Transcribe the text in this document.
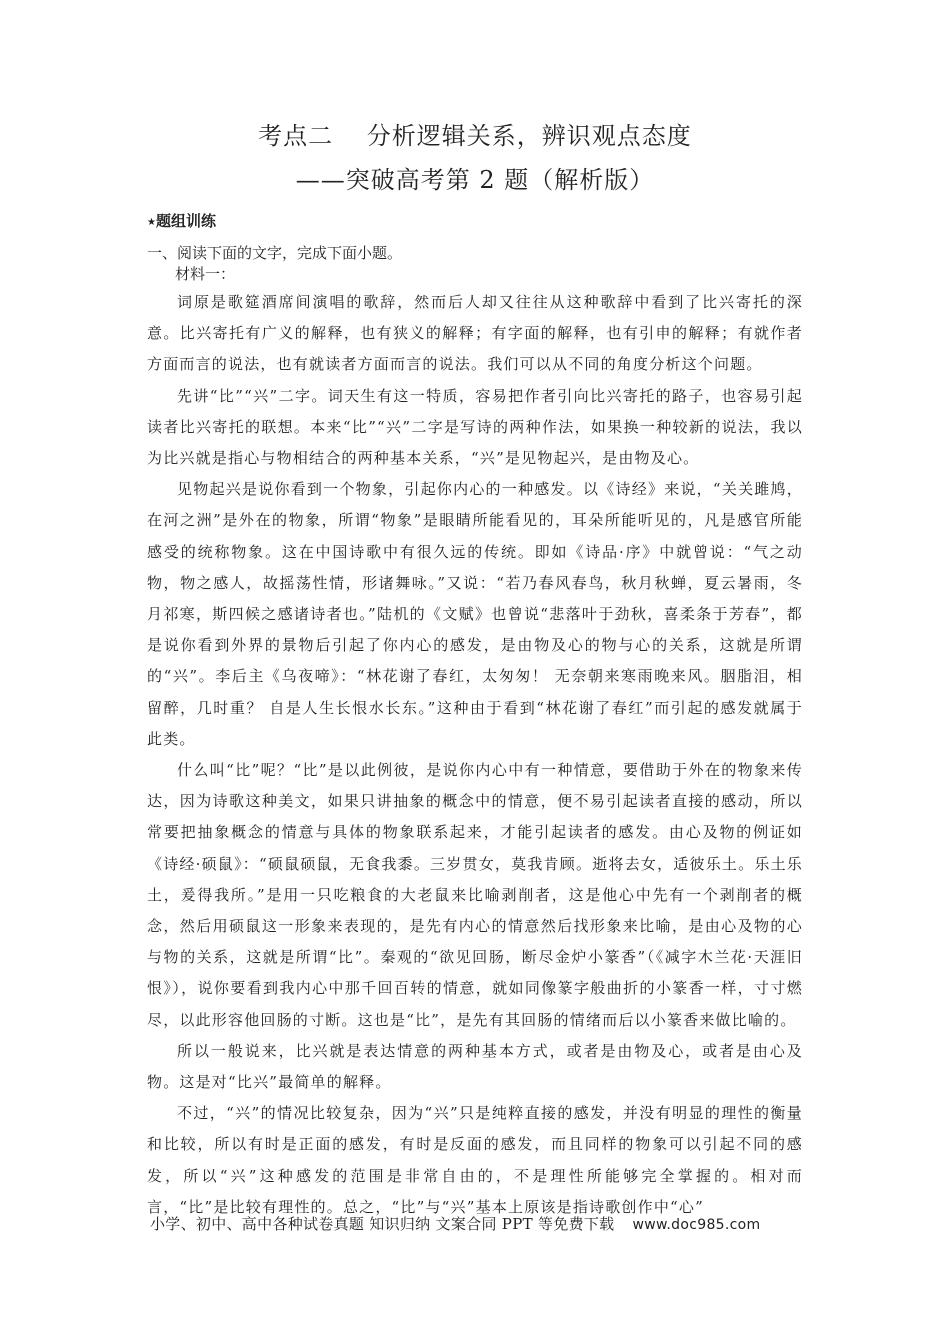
考点二　 分析逻辑关系，辨识观点态度
——突破高考第 2 题（解析版）
★题组训练
一、阅读下面的文字，完成下面小题。
材料一：

词原是歌筵酒席间演唱的歌辞，然而后人却又往往从这种歌辞中看到了比兴寄托的深意。比兴寄托有广义的解释，也有狭义的解释；有字面的解释，也有引申的解释；有就作者方面而言的说法，也有就读者方面而言的说法。我们可以从不同的角度分析这个问题。

先讲“比”“兴”二字。词天生有这一特质，容易把作者引向比兴寄托的路子，也容易引起读者比兴寄托的联想。本来“比”“兴”二字是写诗的两种作法，如果换一种较新的说法，我以为比兴就是指心与物相结合的两种基本关系，“兴”是见物起兴，是由物及心。

见物起兴是说你看到一个物象，引起你内心的一种感发。以《诗经》来说，“关关雎鸠，在河之洲”是外在的物象，所谓“物象”是眼睛所能看见的，耳朵所能听见的，凡是感官所能感受的统称物象。这在中国诗歌中有很久远的传统。即如《诗品·序》中就曾说：“气之动物，物之感人，故摇荡性情，形诸舞咏。”又说：“若乃春风春鸟，秋月秋蝉，夏云暑雨，冬月祁寒，斯四候之感诸诗者也。”陆机的《文赋》也曾说“悲落叶于劲秋，喜柔条于芳春”，都是说你看到外界的景物后引起了你内心的感发，是由物及心的物与心的关系，这就是所谓的“兴”。李后主《乌夜啼》：“林花谢了春红，太匆匆！ 无奈朝来寒雨晚来风。胭脂泪，相留醉，几时重？ 自是人生长恨水长东。”这种由于看到“林花谢了春红”而引起的感发就属于此类。

什么叫“比”呢？“比”是以此例彼，是说你内心中有一种情意，要借助于外在的物象来传达，因为诗歌这种美文，如果只讲抽象的概念中的情意，便不易引起读者直接的感动，所以常要把抽象概念的情意与具体的物象联系起来，才能引起读者的感发。由心及物的例证如《诗经·硕鼠》：“硕鼠硕鼠，无食我黍。三岁贯女，莫我肯顾。逝将去女，适彼乐土。乐土乐土，爰得我所。”是用一只吃粮食的大老鼠来比喻剥削者，这是他心中先有一个剥削者的概念，然后用硕鼠这一形象来表现的，是先有内心的情意然后找形象来比喻，是由心及物的心与物的关系，这就是所谓“比”。秦观的“欲见回肠，断尽金炉小篆香”（《减字木兰花·天涯旧恨》），说你要看到我内心中那千回百转的情意，就如同像篆字般曲折的小篆香一样，寸寸燃尽，以此形容他回肠的寸断。这也是“比”，是先有其回肠的情绪而后以小篆香来做比喻的。

所以一般说来，比兴就是表达情意的两种基本方式，或者是由物及心，或者是由心及物。这是对“比兴”最简单的解释。

不过，“兴”的情况比较复杂，因为“兴”只是纯粹直接的感发，并没有明显的理性的衡量和比较，所以有时是正面的感发，有时是反面的感发，而且同样的物象可以引起不同的感发，所以“兴”这种感发的范围是非常自由的，不是理性所能够完全掌握的。相对而言，“比”是比较有理性的。总之，“比”与“兴”基本上原该是指诗歌创作中“心”

小学、初中、高中各种试卷真题 知识归纳 文案合同 PPT 等免费下载 www.doc985.com
